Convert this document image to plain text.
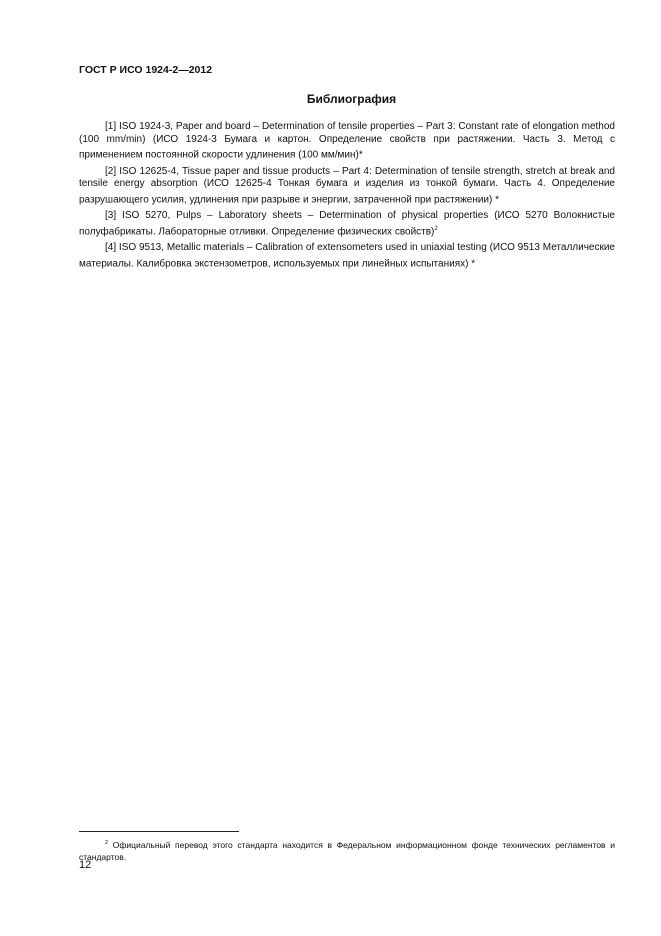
ГОСТ Р ИСО 1924-2—2012
Библиография

[1] ISO 1924-3, Paper and board – Determination of tensile properties – Part 3: Constant rate of elongation method (100 mm/min) (ИСО 1924-3 Бумага и картон. Определение свойств при растяжении. Часть 3. Метод с применением постоянной скорости удлинения (100 мм/мин)*

[2] ISO 12625-4, Tissue paper and tissue products – Part 4: Determination of tensile strength, stretch at break and tensile energy absorption (ИСО 12625-4 Тонкая бумага и изделия из тонкой бумаги. Часть 4. Определение разрушающего усилия, удлинения при разрыве и энергии, затраченной при растяжении) *

[3] ISO 5270, Pulps – Laboratory sheets – Determination of physical properties (ИСО 5270 Волокнистые полуфабрикаты. Лабораторные отливки. Определение физических свойств)$^2$

[4] ISO 9513, Metallic materials – Calibration of extensometers used in uniaxial testing (ИСО 9513 Металлические материалы. Калибровка экстензометров, используемых при линейных испытаниях) *

$^2$ Официальный перевод этого стандарта находится в Федеральном информационном фонде технических регламентов и стандартов.

12
